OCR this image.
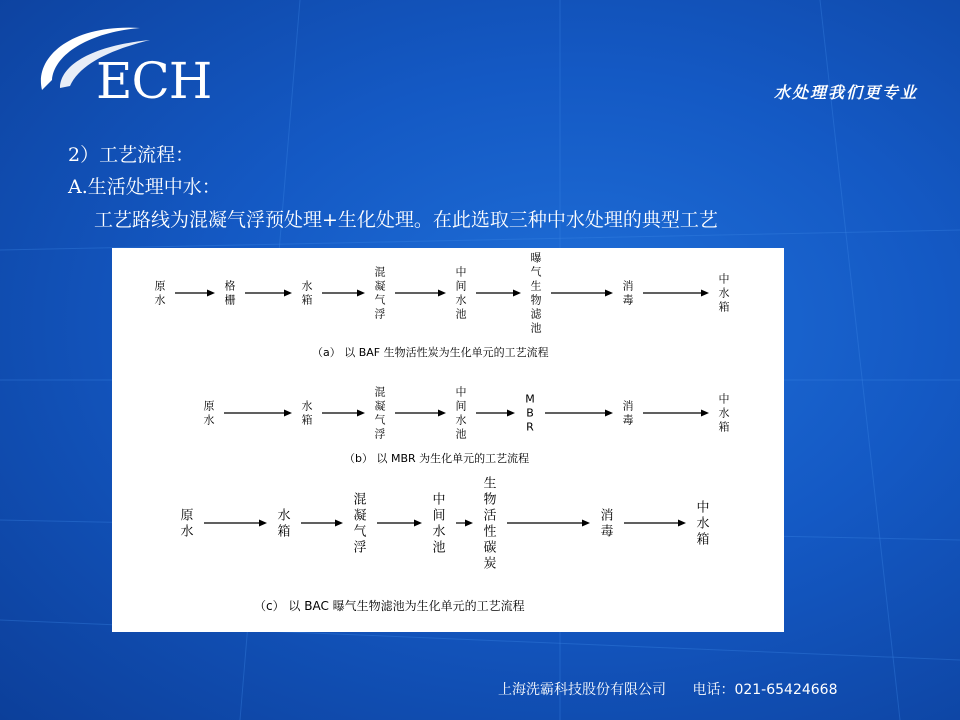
ECH	水处理我们更专业
2）工艺流程：
A.生活处理中水：
工艺路线为混凝气浮预处理+生化处理。在此选取三种中水处理的典型工艺
原水
格栅
水箱
混凝气浮
中间水池
曝气生物滤池
消毒
中水箱
（a） 以 BAF 生物活性炭为生化单元的工艺流程
原水
水箱
混凝气浮
中间水池
M B R
消毒
中水箱
（b） 以 MBR 为生化单元的工艺流程
原水
水箱
混凝气浮
中间水池
生物活性碳炭
消毒
中水箱
（c） 以 BAC 曝气生物滤池为生化单元的工艺流程
上海洗霸科技股份有限公司 电话：021-65424668
